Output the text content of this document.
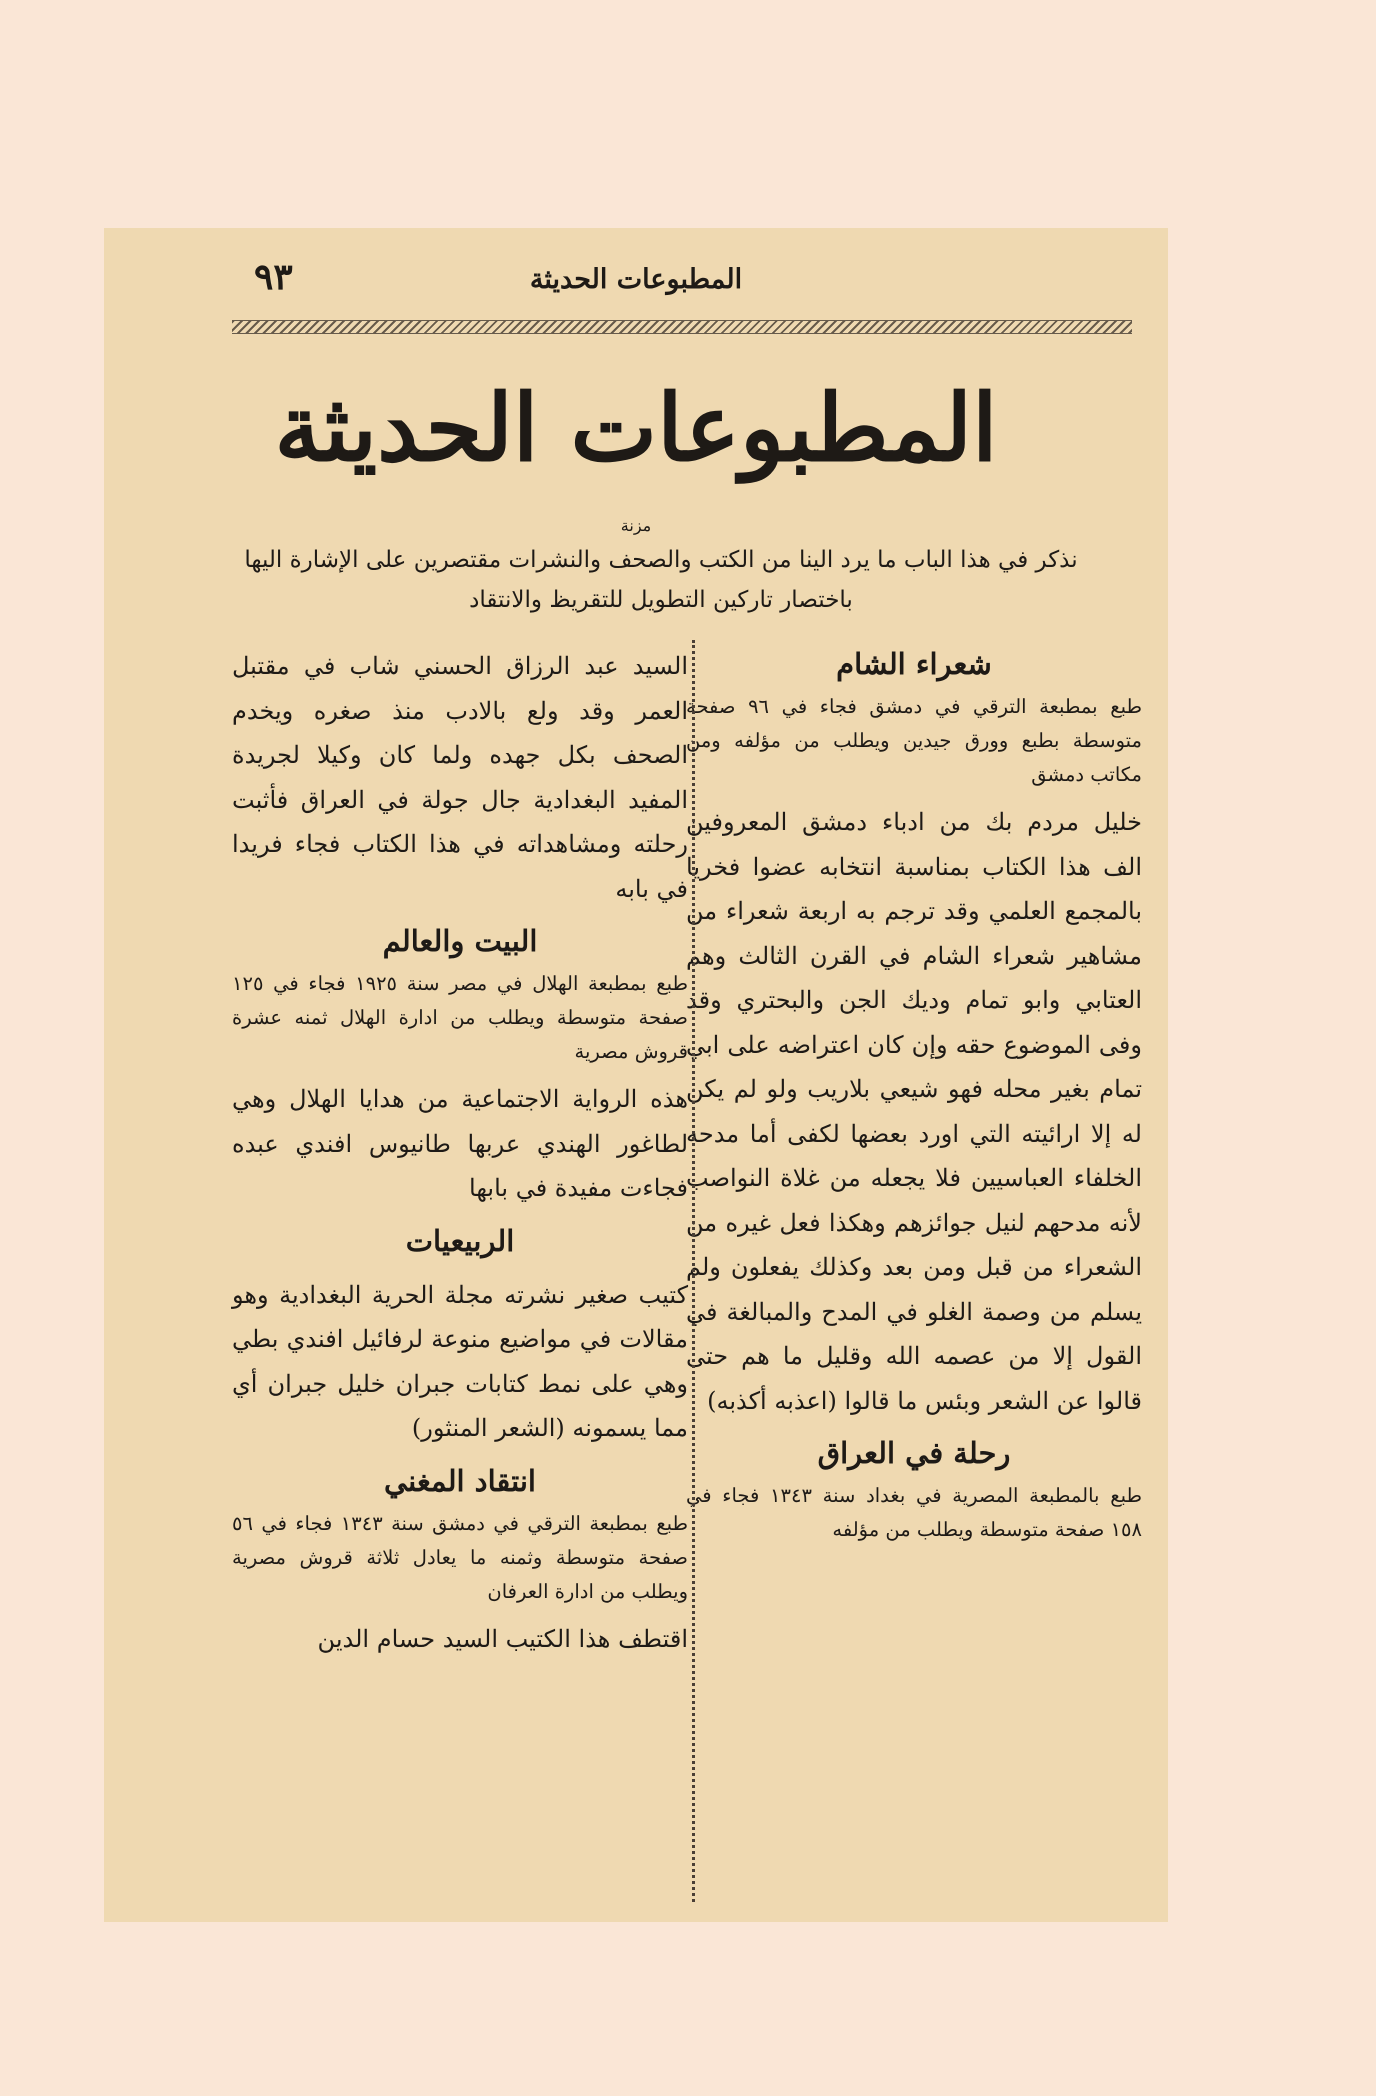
المطبوعات الحديثة
٩٣
المطبوعات الحديثة
مزنة
نذكر في هذا الباب ما يرد الينا من الكتب والصحف والنشرات مقتصرين على الإشارة اليها باختصار تاركين التطويل للتقريظ والانتقاد
شعراء الشام

طبع بمطبعة الترقي في دمشق فجاء في ٩٦ صفحة متوسطة بطبع وورق جيدين ويطلب من مؤلفه ومن مكاتب دمشق

خليل مردم بك من ادباء دمشق المعروفين الف هذا الكتاب بمناسبة انتخابه عضوا فخريا بالمجمع العلمي وقد ترجم به اربعة شعراء من مشاهير شعراء الشام في القرن الثالث وهم العتابي وابو تمام وديك الجن والبحتري وقد وفى الموضوع حقه وإن كان اعتراضه على ابي تمام بغير محله فهو شيعي بلاريب ولو لم يكن له إلا ارائيته التي اورد بعضها لكفى أما مدحه الخلفاء العباسيين فلا يجعله من غلاة النواصب لأنه مدحهم لنيل جوائزهم وهكذا فعل غيره من الشعراء من قبل ومن بعد وكذلك يفعلون ولم يسلم من وصمة الغلو في المدح والمبالغة في القول إلا من عصمه الله وقليل ما هم حتى قالوا عن الشعر وبئس ما قالوا (اعذبه أكذبه)

رحلة في العراق

طبع بالمطبعة المصرية في بغداد سنة ١٣٤٣ فجاء في ١٥٨ صفحة متوسطة ويطلب من مؤلفه

السيد عبد الرزاق الحسني شاب في مقتبل العمر وقد ولع بالادب منذ صغره ويخدم الصحف بكل جهده ولما كان وكيلا لجريدة المفيد البغدادية جال جولة في العراق فأثبت رحلته ومشاهداته في هذا الكتاب فجاء فريدا في بابه

البيت والعالم

طبع بمطبعة الهلال في مصر سنة ١٩٢٥ فجاء في ١٢٥ صفحة متوسطة ويطلب من ادارة الهلال ثمنه عشرة قروش مصرية

هذه الرواية الاجتماعية من هدايا الهلال وهي لطاغور الهندي عربها طانيوس افندي عبده فجاءت مفيدة في بابها

الربيعيات

كتيب صغير نشرته مجلة الحرية البغدادية وهو مقالات في مواضيع منوعة لرفائيل افندي بطي وهي على نمط كتابات جبران خليل جبران أي مما يسمونه (الشعر المنثور)

انتقاد المغني

طبع بمطبعة الترقي في دمشق سنة ١٣٤٣ فجاء في ٥٦ صفحة متوسطة وثمنه ما يعادل ثلاثة قروش مصرية ويطلب من ادارة العرفان

اقتطف هذا الكتيب السيد حسام الدين
